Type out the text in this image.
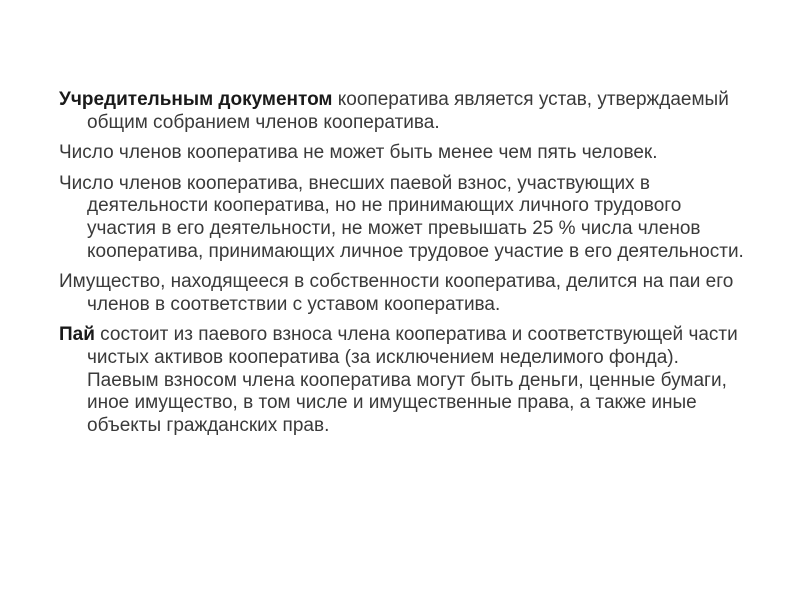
Учредительным документом кооператива является устав, утверждаемый общим собранием членов кооператива.

Число членов кооператива не может быть менее чем пять человек.

Число членов кооператива, внесших паевой взнос, участвующих в деятельности кооператива, но не принимающих личного трудового участия в его деятельности, не может превышать 25 % числа членов кооператива, принимающих личное трудовое участие в его деятельности.

Имущество, находящееся в собственности кооператива, делится на паи его членов в соответствии с уставом кооператива.

Пай состоит из паевого взноса члена кооператива и соответствующей части чистых активов кооператива (за исключением неделимого фонда). Паевым взносом члена кооператива могут быть деньги, ценные бумаги, иное имущество, в том числе и имущественные права, а также иные объекты гражданских прав.
